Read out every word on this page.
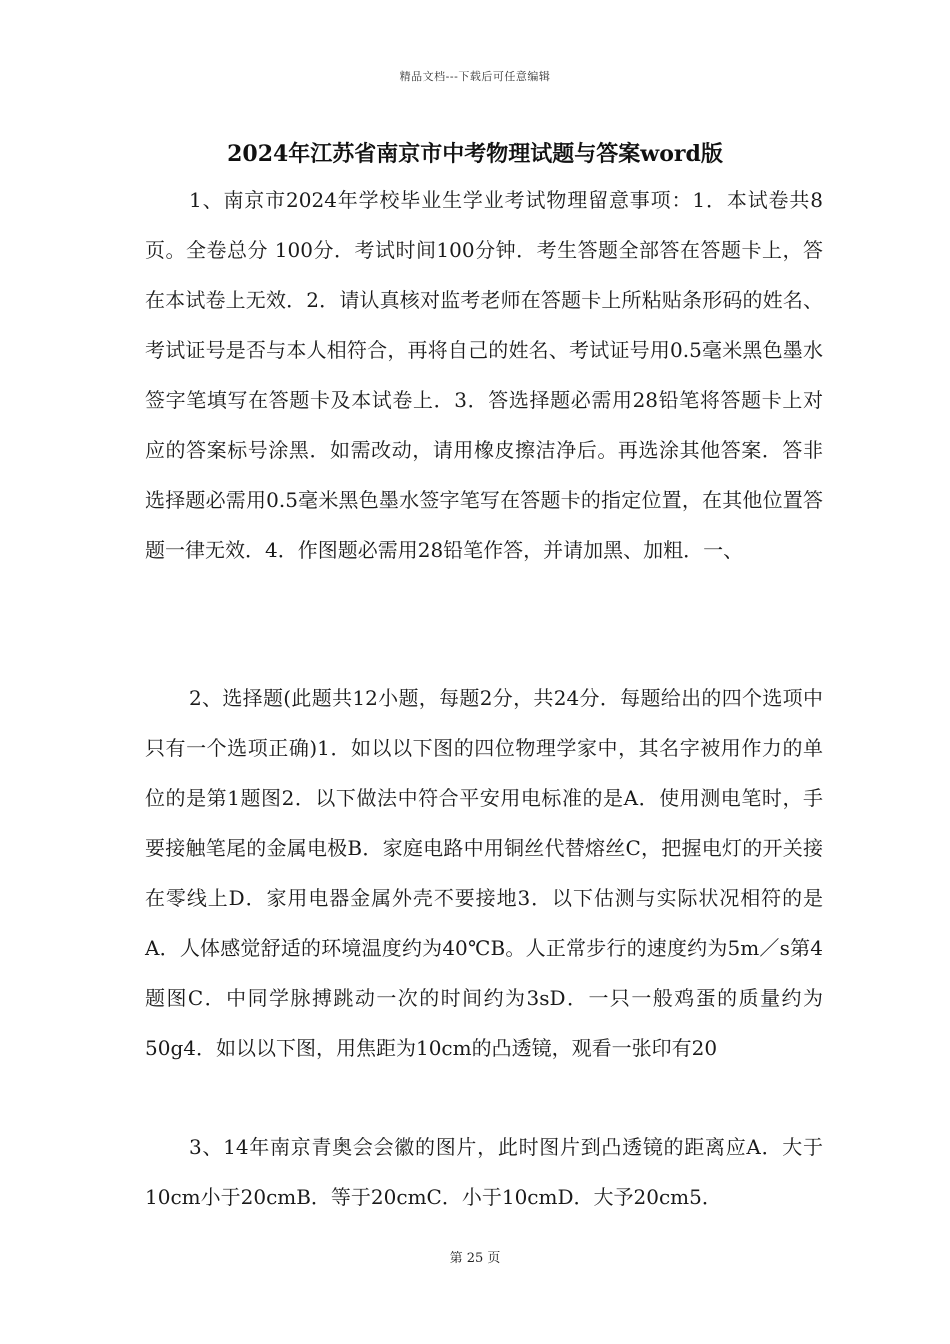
精品文档---下载后可任意编辑
2024年江苏省南京市中考物理试题与答案word版

1、南京市2024年学校毕业生学业考试物理留意事项：1．本试卷共8页。全卷总分 100分．考试时间100分钟．考生答题全部答在答题卡上，答在本试卷上无效．2．请认真核对监考老师在答题卡上所粘贴条形码的姓名、考试证号是否与本人相符合，再将自己的姓名、考试证号用0.5毫米黑色墨水签字笔填写在答题卡及本试卷上．3．答选择题必需用28铅笔将答题卡上对应的答案标号涂黑．如需改动，请用橡皮擦洁净后。再选涂其他答案．答非选择题必需用0.5毫米黑色墨水签字笔写在答题卡的指定位置，在其他位置答题一律无效．4．作图题必需用28铅笔作答，并请加黑、加粗．一、

2、选择题(此题共12小题，每题2分，共24分．每题给出的四个选项中只有一个选项正确)1．如以以下图的四位物理学家中，其名字被用作力的单位的是第1题图2．以下做法中符合平安用电标准的是A．使用测电笔时，手要接触笔尾的金属电极B．家庭电路中用铜丝代替熔丝C，把握电灯的开关接在零线上D．家用电器金属外壳不要接地3．以下估测与实际状况相符的是A．人体感觉舒适的环境温度约为40℃B。人正常步行的速度约为5m／s第4题图C．中同学脉搏跳动一次的时间约为3sD．一只一般鸡蛋的质量约为50g4．如以以下图，用焦距为10cm的凸透镜，观看一张印有20

3、14年南京青奥会会徽的图片，此时图片到凸透镜的距离应A．大于10cm小于20cmB．等于20cmC．小于10cmD．大予20cm5．

第 25 页
